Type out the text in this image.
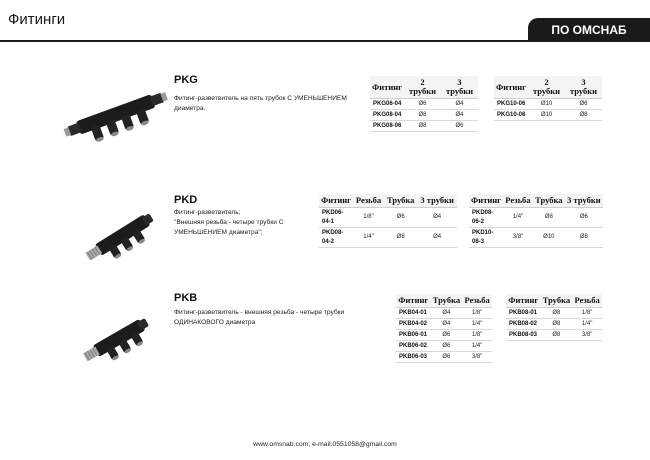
Фитинги
ПО ОМСНАБ
PKG
Фитинг-разветвитель на пять трубок С УМЕНЬШЕНИЕМ диаметра.
Фитинг	2 трубки	3 трубки
PKG06-04	Ø6	Ø4
PKG08-04	Ø8	Ø4
PKG08-06	Ø8	Ø6
Фитинг	2 трубки	3 трубки
PKG10-06	Ø10	Ø6
PKG10-08	Ø10	Ø8
PKD
Фитинг-разветвитель;
"Внешняя резьба - четыре трубки С УМЕНЬШЕНИЕМ диаметра";
Фитинг	Резьба	Трубка	3 трубки
PKD06-04-1	1/8"	Ø6	Ø4
PKD08-04-2	1/4"	Ø8	Ø4
Фитинг	Резьба	Трубка	3 трубки
PKD08-06-2	1/4"	Ø8	Ø6
PKD10-08-3	3/8"	Ø10	Ø8
PKB
Фитинг-разветвитель - внешняя резьба - четыре трубки ОДИНАКОВОГО диаметра
Фитинг	Трубка	Резьба
PKB04-01	Ø4	1/8"
PKB04-02	Ø4	1/4"
PKB06-01	Ø6	1/8"
PKB06-02	Ø6	1/4"
PKB06-03	Ø6	3/8"
Фитинг	Трубка	Резьба
PKB08-01	Ø8	1/8"
PKB08-02	Ø8	1/4"
PKB08-03	Ø8	3/8"
www.omsnab.com; e-mail:0551058@gmail.com
